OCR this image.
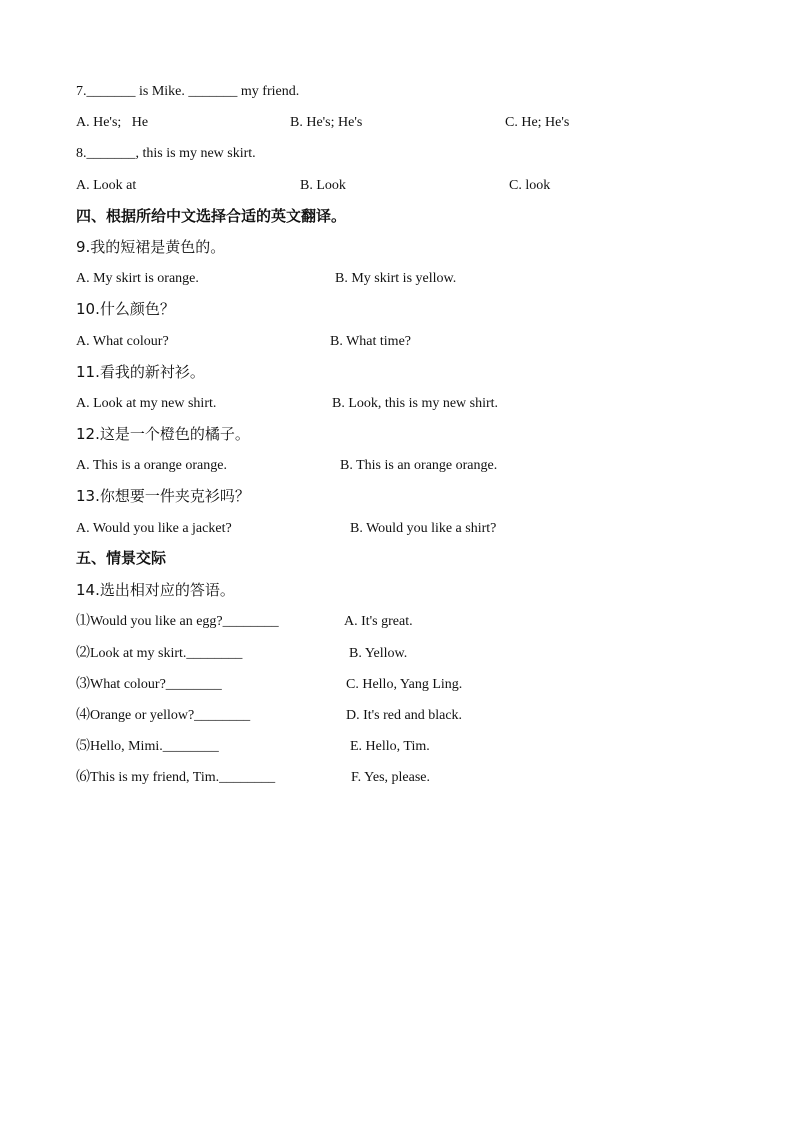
7._______ is Mike. _______ my friend.
A. He's;   He	B. He's; He's	C. He; He's
8._______, this is my new skirt.
A. Look at	B. Look	C. look
四、根据所给中文选择合适的英文翻译。
9.我的短裙是黄色的。
A. My skirt is orange.	B. My skirt is yellow.
10.什么颜色？
A. What colour?	B. What time?
11.看我的新衬衫。
A. Look at my new shirt.	B. Look, this is my new shirt.
12.这是一个橙色的橘子。
A. This is a orange orange.	B. This is an orange orange.
13.你想要一件夹克衫吗？
A. Would you like a jacket?	B. Would you like a shirt?
五、情景交际
14.选出相对应的答语。
⑴Would you like an egg?________	A. It's great.
⑵Look at my skirt.________	B. Yellow.
⑶What colour?________	C. Hello, Yang Ling.
⑷Orange or yellow?________	D. It's red and black.
⑸Hello, Mimi.________	E. Hello, Tim.
⑹This is my friend, Tim.________	F. Yes, please.
